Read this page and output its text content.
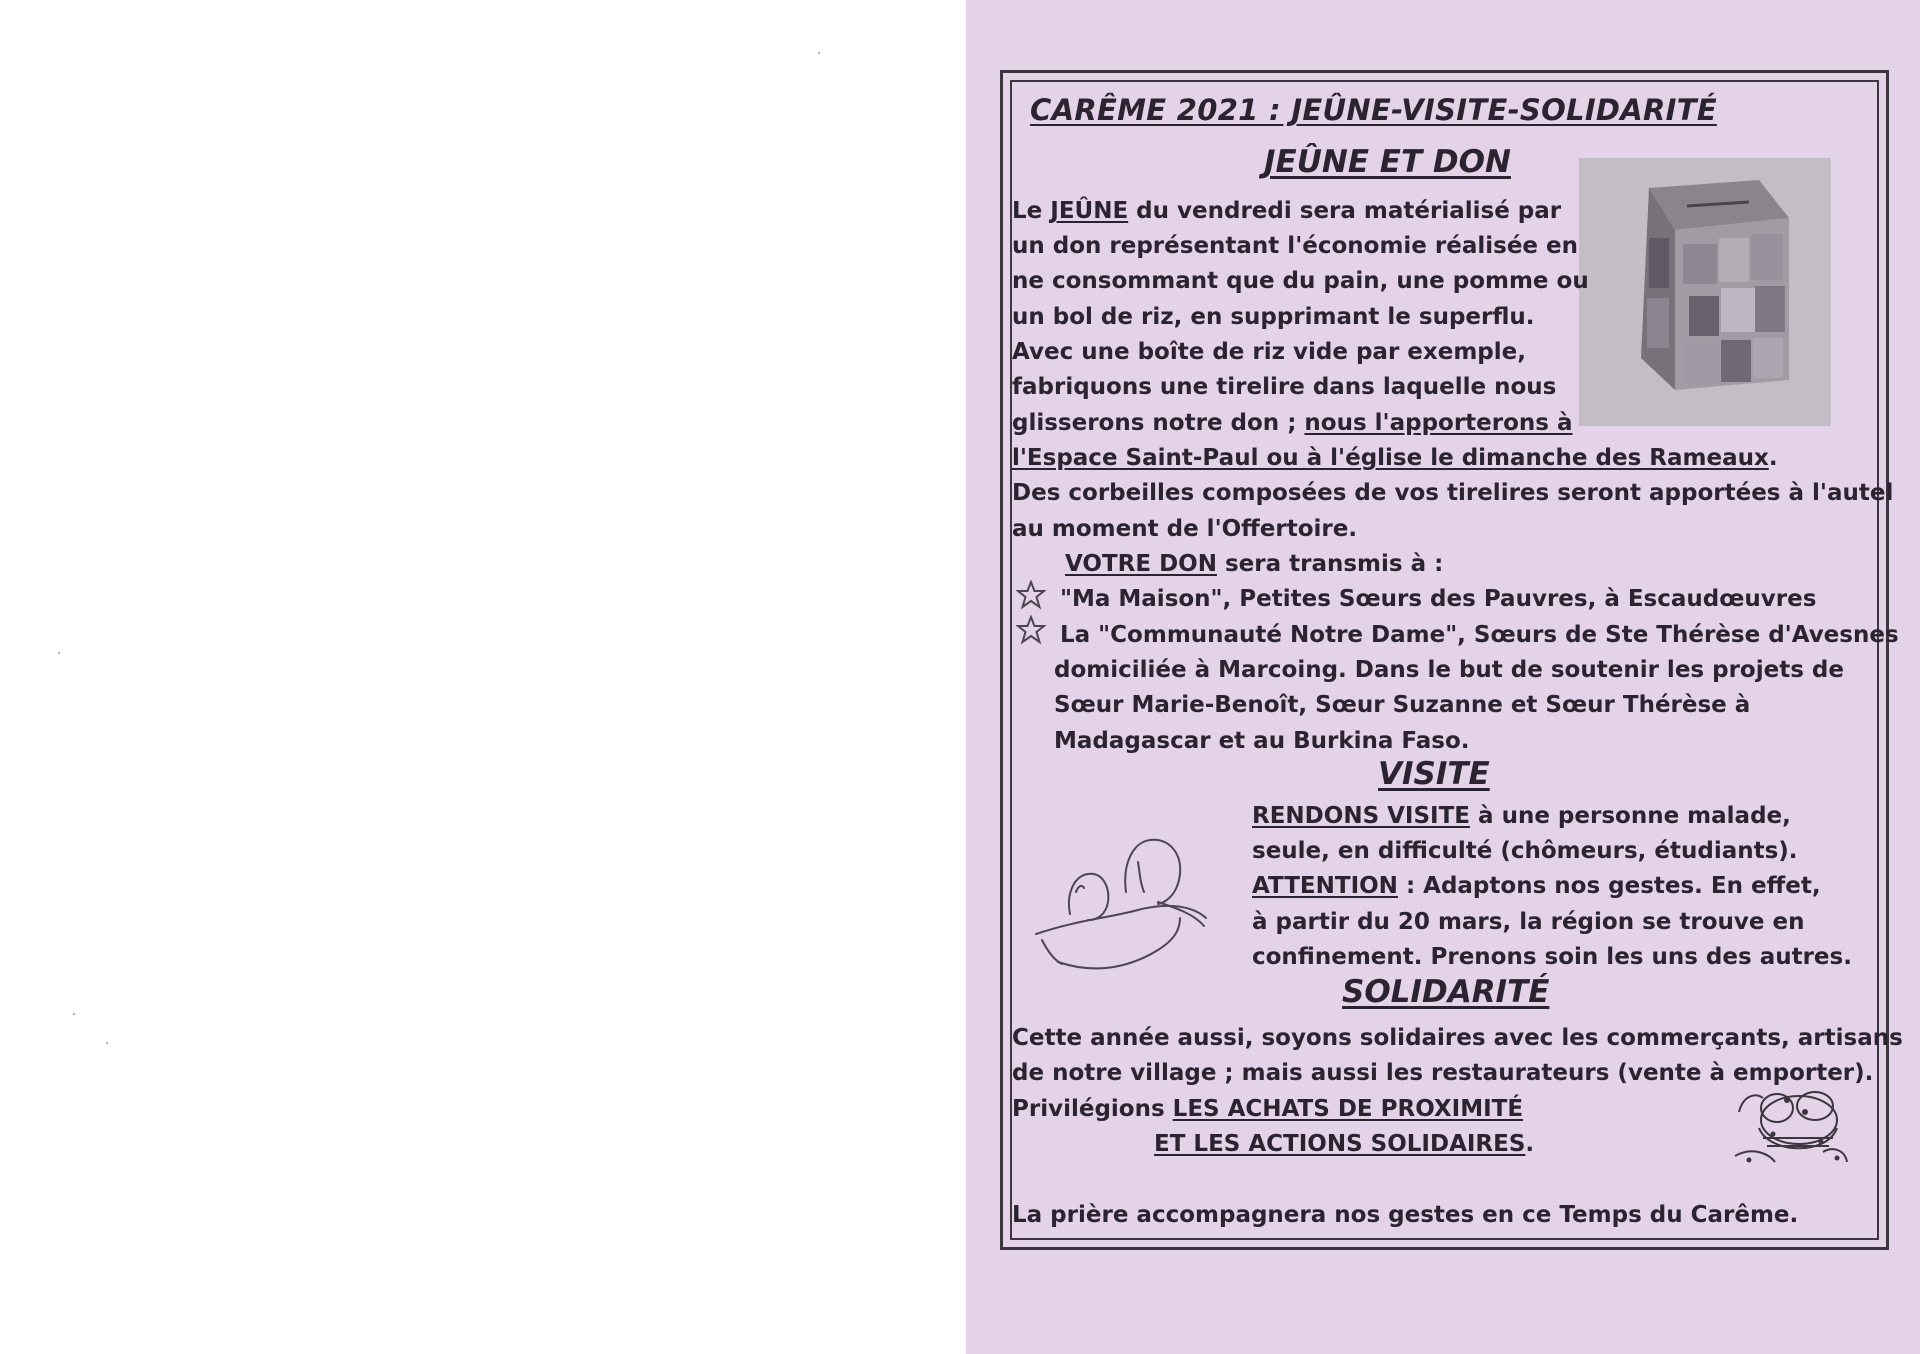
CARÊME 2021 : JEÛNE-VISITE-SOLIDARITÉ
JEÛNE ET DON
Le JEÛNE du vendredi sera matérialisé par
un don représentant l'économie réalisée en
ne consommant que du pain, une pomme ou
un bol de riz, en supprimant le superflu.
Avec une boîte de riz vide par exemple,
fabriquons une tirelire dans laquelle nous
glisserons notre don ; nous l'apporterons à
l'Espace Saint-Paul ou à l'église le dimanche des Rameaux.
Des corbeilles composées de vos tirelires seront apportées à l'autel
au moment de l'Offertoire.
VOTRE DON sera transmis à :
"Ma Maison", Petites Sœurs des Pauvres, à Escaudœuvres
La "Communauté Notre Dame", Sœurs de Ste Thérèse d'Avesnes
domiciliée à Marcoing. Dans le but de soutenir les projets de
Sœur Marie-Benoît, Sœur Suzanne et Sœur Thérèse à
Madagascar et au Burkina Faso.
VISITE
RENDONS VISITE à une personne malade,
seule, en difficulté (chômeurs, étudiants).
ATTENTION : Adaptons nos gestes. En effet,
à partir du 20 mars, la région se trouve en
confinement. Prenons soin les uns des autres.
SOLIDARITÉ
Cette année aussi, soyons solidaires avec les commerçants, artisans
de notre village ; mais aussi les restaurateurs (vente à emporter).
Privilégions LES ACHATS DE PROXIMITÉ
ET LES ACTIONS SOLIDAIRES.
La prière accompagnera nos gestes en ce Temps du Carême.
